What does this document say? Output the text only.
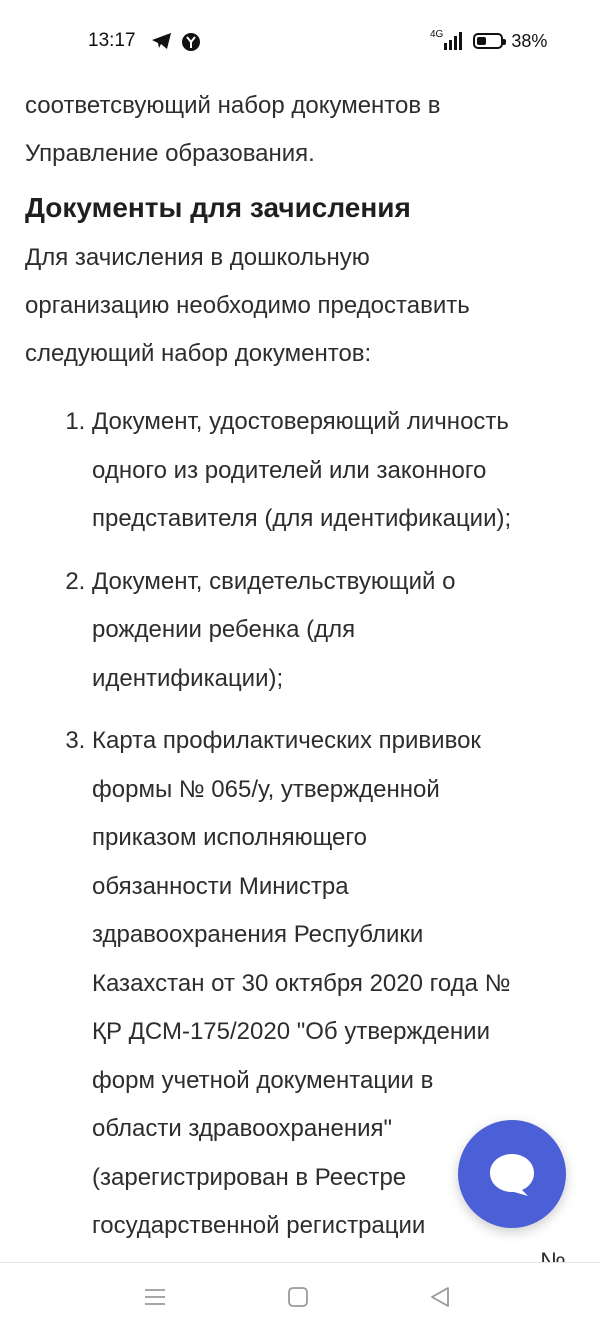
13:17	4G	38%

соответсвующий набор документов в

Управление образования.

Документы для зачисления

Для зачисления в дошкольную

организацию необходимо предоставить

следующий набор документов:

1. Документ, удостоверяющий личность
одного из родителей или законного
представителя (для идентификации);
2. Документ, свидетельствующий о
рождении ребенка (для
идентификации);
3. Карта профилактических прививок
формы № 065/у, утвержденной
приказом исполняющего
обязанности Министра
здравоохранения Республики
Казахстан от 30 октября 2020 года №
ҚР ДСМ-175/2020 "Об утверждении
форм учетной документации в
области здравоохранения"
(зарегистрирован в Реестре
государственной регистрации
